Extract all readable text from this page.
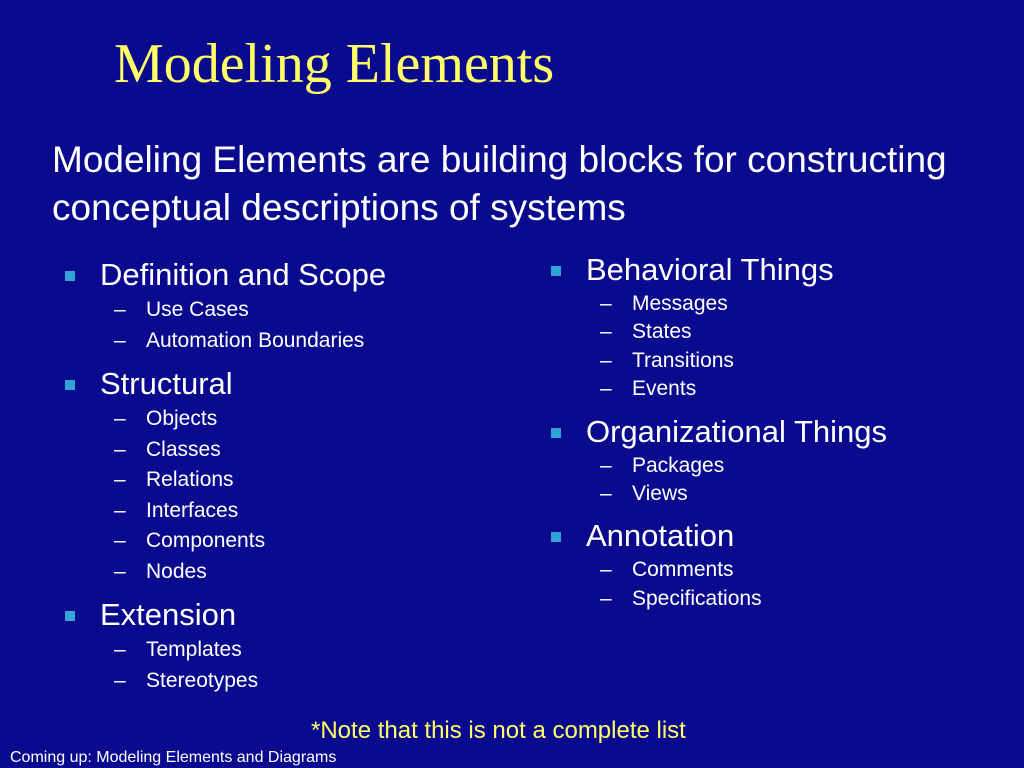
Modeling Elements

Modeling Elements are building blocks for constructing conceptual descriptions of systems

Definition and Scope
– Use Cases
– Automation Boundaries
Structural
– Objects
– Classes
– Relations
– Interfaces
– Components
– Nodes
Extension
– Templates
– Stereotypes
Behavioral Things
– Messages
– States
– Transitions
– Events
Organizational Things
– Packages
– Views
Annotation
– Comments
– Specifications

*Note that this is not a complete list

Coming up: Modeling Elements and Diagrams
